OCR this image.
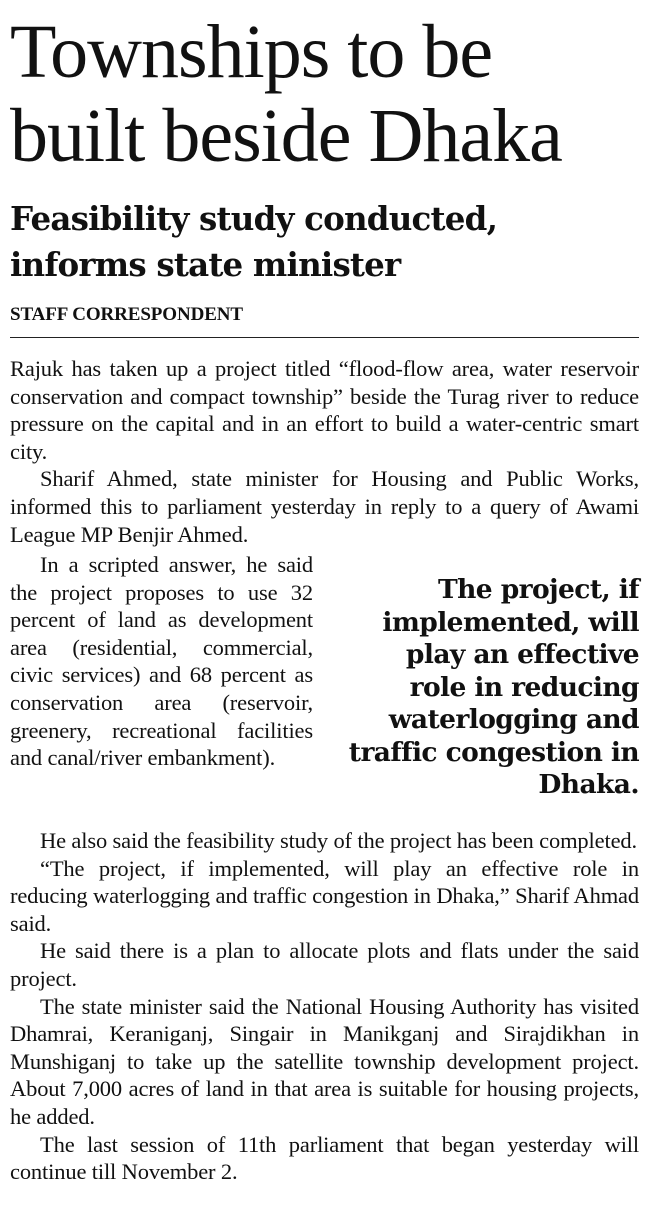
Townships to be built beside Dhaka
Feasibility study conducted, informs state minister
STAFF CORRESPONDENT

Rajuk has taken up a project titled “flood-flow area, water reservoir conservation and compact township” beside the Turag river to reduce pressure on the capital and in an effort to build a water-centric smart city.

Sharif Ahmed, state minister for Housing and Public Works, informed this to parliament yesterday in reply to a query of Awami League MP Benjir Ahmed.

In a scripted answer, he said the project proposes to use 32 percent of land as development area (residential, commercial, civic services) and 68 percent as conservation area (reservoir, greenery, recreational facilities and canal/river embankment).

The project, if implemented, will play an effective role in reducing waterlogging and traffic congestion in Dhaka.

He also said the feasibility study of the project has been completed.

“The project, if implemented, will play an effective role in reducing waterlogging and traffic congestion in Dhaka,” Sharif Ahmad said.

He said there is a plan to allocate plots and flats under the said project.

The state minister said the National Housing Authority has visited Dhamrai, Keraniganj, Singair in Manikganj and Sirajdikhan in Munshiganj to take up the satellite township development project. About 7,000 acres of land in that area is suitable for housing projects, he added.

The last session of 11th parliament that began yesterday will continue till November 2.
